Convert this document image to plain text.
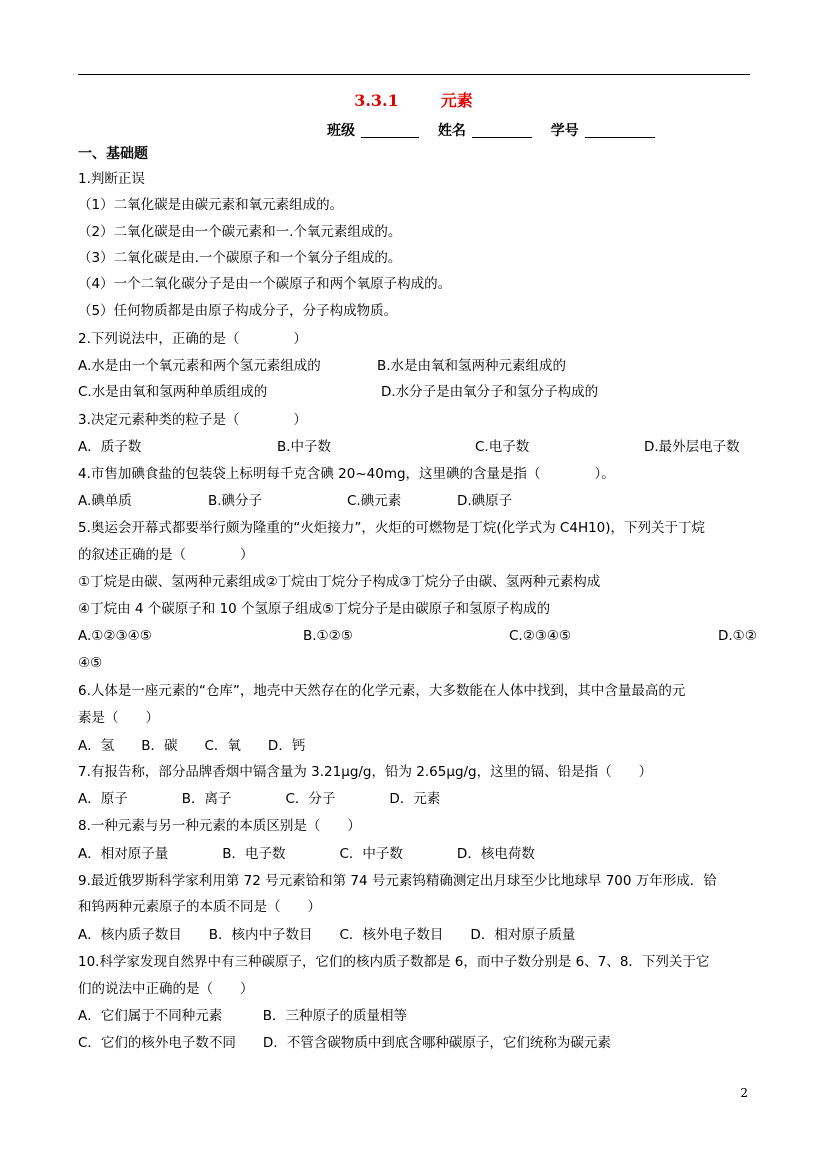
3.3.1	元素
班级	姓名	学号
一、基础题
1.判断正误
（1）二氧化碳是由碳元素和氧元素组成的。
（2）二氧化碳是由一个碳元素和一.个氧元素组成的。
（3）二氧化碳是由.一个碳原子和一个氧分子组成的。
（4）一个二氧化碳分子是由一个碳原子和两个氧原子构成的。
（5）任何物质都是由原子构成分子，分子构成物质。
2.下列说法中，正确的是（　　　　）
A.水是由一个氧元素和两个氢元素组成的	B.水是由氧和氢两种元素组成的
C.水是由氧和氢两种单质组成的	D.水分子是由氧分子和氢分子构成的
3.决定元素种类的粒子是（　　　　）
A．质子数	B.中子数	C.电子数	D.最外层电子数
4.市售加碘食盐的包装袋上标明每千克含碘 20~40mg，这里碘的含量是指（　　　　）。
A.碘单质	B.碘分子	C.碘元素	D.碘原子
5.奥运会开幕式都要举行颇为隆重的“火炬接力”，火炬的可燃物是丁烷(化学式为 C4H10)，下列关于丁烷
的叙述正确的是（　　　　）
①丁烷是由碳、氢两种元素组成②丁烷由丁烷分子构成③丁烷分子由碳、氢两种元素构成
④丁烷由 4 个碳原子和 10 个氢原子组成⑤丁烷分子是由碳原子和氢原子构成的
A.①②③④⑤	B.①②⑤	C.②③④⑤	D.①②
④⑤
6.人体是一座元素的“仓库”，地壳中天然存在的化学元素，大多数能在人体中找到，其中含量最高的元
素是（　　）
A．氢　　B．碳　　C．氧　　D．钙
7.有报告称，部分品牌香烟中镉含量为 3.21μg/g，铅为 2.65μg/g，这里的镉、铅是指（　　）
A．原子　　　　B．离子　　　　C．分子　　　　D．元素
8.一种元素与另一种元素的本质区别是（　　）
A．相对原子量　　　　B．电子数　　　　C．中子数　　　　D．核电荷数
9.最近俄罗斯科学家利用第 72 号元素铪和第 74 号元素钨精确测定出月球至少比地球早 700 万年形成．铪
和钨两种元素原子的本质不同是（　　）
A．核内质子数目　　B．核内中子数目　　C．核外电子数目　　D．相对原子质量
10.科学家发现自然界中有三种碳原子，它们的核内质子数都是 6，而中子数分别是 6、7、8．下列关于它
们的说法中正确的是（　　）
A．它们属于不同种元素　　　B．三种原子的质量相等
C．它们的核外电子数不同　　D．不管含碳物质中到底含哪种碳原子，它们统称为碳元素
2
